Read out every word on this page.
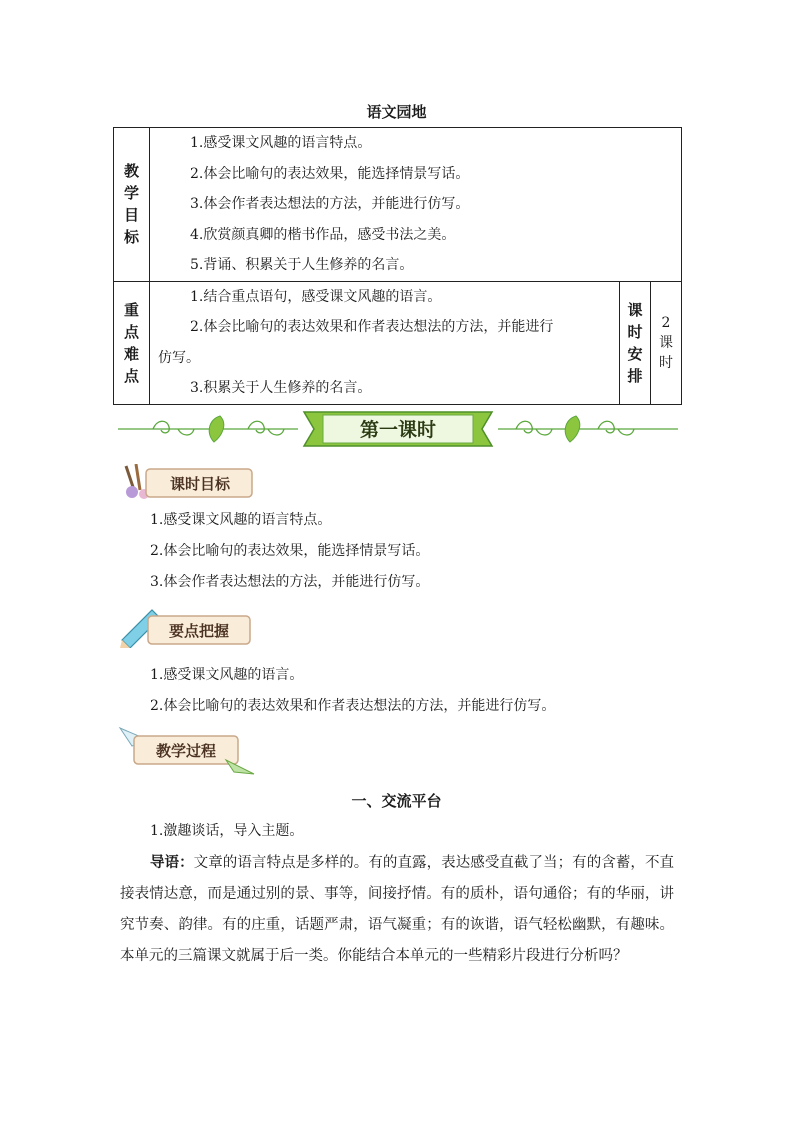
语文园地
教学目标	1.感受课文风趣的语言特点。
2.体会比喻句的表达效果，能选择情景写话。
3.体会作者表达想法的方法，并能进行仿写。
4.欣赏颜真卿的楷书作品，感受书法之美。
5.背诵、积累关于人生修养的名言。		

重点难点	1.结合重点语句，感受课文风趣的语言。
2.体会比喻句的表达效果和作者表达想法的方法，并能进行
仿写。
3.积累关于人生修养的名言。	课时安排	2课时
第一课时
课时目标
1.感受课文风趣的语言特点。
2.体会比喻句的表达效果，能选择情景写话。
3.体会作者表达想法的方法，并能进行仿写。
要点把握
1.感受课文风趣的语言。
2.体会比喻句的表达效果和作者表达想法的方法，并能进行仿写。
教学过程
一、交流平台
1.激趣谈话，导入主题。
导语：文章的语言特点是多样的。有的直露，表达感受直截了当；有的含蓄，不直接表情达意，而是通过别的景、事等，间接抒情。有的质朴，语句通俗；有的华丽，讲究节奏、韵律。有的庄重，话题严肃，语气凝重；有的诙谐，语气轻松幽默，有趣味。本单元的三篇课文就属于后一类。你能结合本单元的一些精彩片段进行分析吗？
